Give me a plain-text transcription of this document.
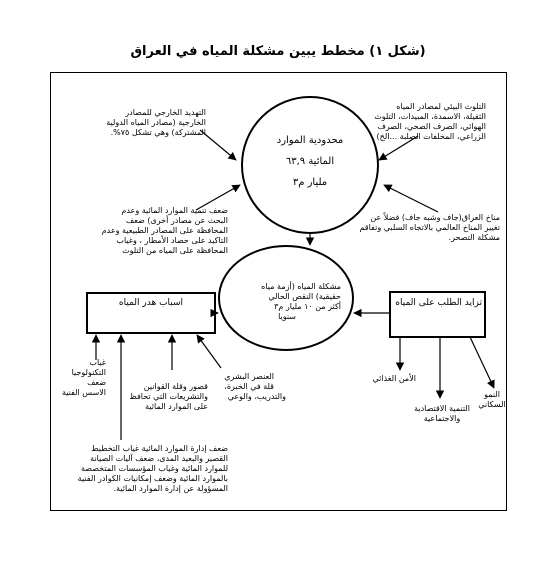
(شكل ١) مخطط يبين مشكلة المياه في العراق
محدودية الموارد
المائية ٦٣,٩
مليار م٣
مشكلة المياه (أزمة مياه
حقيقية) النقص الحالي
أكثر من ١٠ مليار م٣
سنويا
اسباب هدر المياه	تزايد الطلب على المياه
التهديد الخارجي للمصادر
الخارجية (مصادر المياه الدولية
المشتركة) وهي تشكل ٧٥%.
التلوث البيئي لمصادر المياه
الثقيلة، الاسمدة، المبيدات، التلوث
الهوائي، الصرف الصحي، الصرف
الزراعي، المخلفات الصلبة ...الخ)
ضعف تنمية الموارد المائية وعدم
البحث عن مصادر أخرى) ضعف
المحافظة على المصادر الطبيعية وعدم
التاكيد على حصاد الأمطار ، وغياب
المحافظة على المياه من التلوث
مناخ العراق(جاف وشبه جاف) فضلاً عن
تغيير المناخ العالمي بالاتجاه السلبي وتفاقم
مشكلة التصحر.
غياب
التكنولوجيا
ضعف
الاسس الفنية
قصور وقلة القوانين
والتشريعات التي تحافظ
على الموارد المائية
العنصر البشري
قلة في الخبرة،
والتدريب، والوعي
الأمن الغذائي
التنمية الاقتصادية
والاجتماعية
النمو
السكاني
ضعف إدارة الموارد المائية غياب التخطيط
القصير والبعيد المدى، ضعف آليات الصيانة
للموارد المائية وغياب المؤسسات المتخصصة
بالموارد المائية وضعف إمكانيات الكوادر الفنية
المسؤولة عن إدارة الموارد المائية.
